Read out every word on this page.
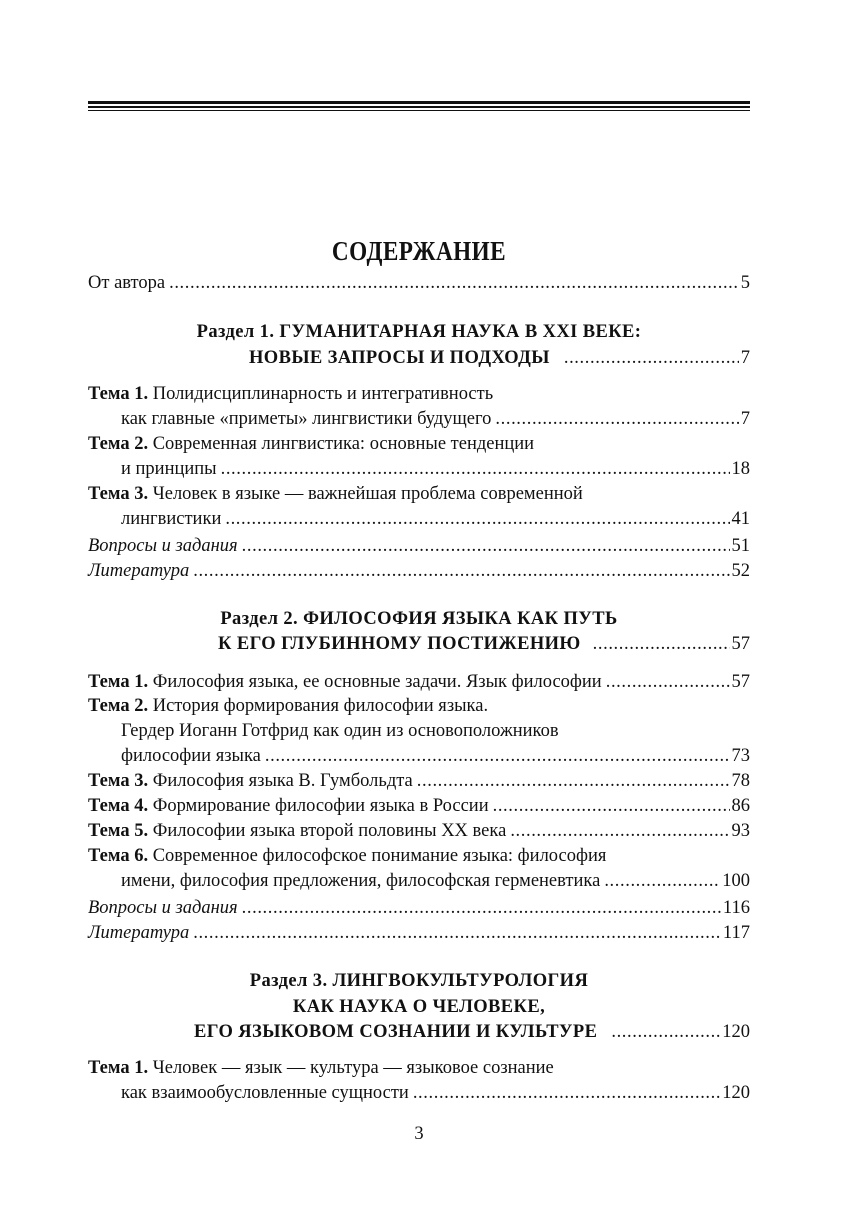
СОДЕРЖАНИЕ
От автора .....	5
Раздел 1. ГУМАНИТАРНАЯ НАУКА В XXI ВЕКЕ:
НОВЫЕ ЗАПРОСЫ И ПОДХОДЫ .....	7
Тема 1. Полидисциплинарность и интегративность
как главные «приметы» лингвистики будущего .....	7
Тема 2. Современная лингвистика: основные тенденции
и принципы .....	18
Тема 3. Человек в языке — важнейшая проблема современной
лингвистики .....	41
Вопросы и задания .....	51
Литература .....	52
Раздел 2. ФИЛОСОФИЯ ЯЗЫКА КАК ПУТЬ
К ЕГО ГЛУБИННОМУ ПОСТИЖЕНИЮ .....	57
Тема 1. Философия языка, ее основные задачи. Язык философии .....	57
Тема 2. История формирования философии языка.
Гердер Иоганн Готфрид как один из основоположников
философии языка .....	73
Тема 3. Философия языка В. Гумбольдта .....	78
Тема 4. Формирование философии языка в России .....	86
Тема 5. Философии языка второй половины XX века .....	93
Тема 6. Современное философское понимание языка: философия
имени, философия предложения, философская герменевтика .....	100
Вопросы и задания .....	116
Литература .....	117
Раздел 3. ЛИНГВОКУЛЬТУРОЛОГИЯ
КАК НАУКА О ЧЕЛОВЕКЕ,
ЕГО ЯЗЫКОВОМ СОЗНАНИИ И КУЛЬТУРЕ .....	120
Тема 1. Человек — язык — культура — языковое сознание
как взаимообусловленные сущности .....	120
3
